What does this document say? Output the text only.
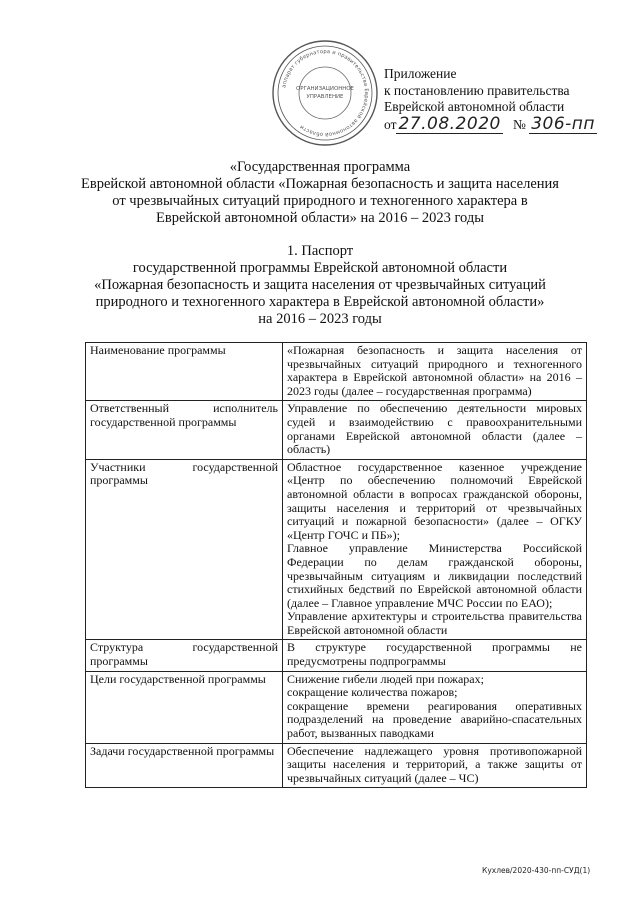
аппарат губернатора и правительства Еврейской автономной области
ОРГАНИЗАЦИОННОЕ
УПРАВЛЕНИЕ
Приложение
к постановлению правительства
Еврейской автономной области
от 27.08.2020 № 306-пп
«Государственная программа
Еврейской автономной области «Пожарная безопасность и защита населения
от чрезвычайных ситуаций природного и техногенного характера в
Еврейской автономной области» на 2016 – 2023 годы
1. Паспорт
государственной программы Еврейской автономной области
«Пожарная безопасность и защита населения от чрезвычайных ситуаций
природного и техногенного характера в Еврейской автономной области»
на 2016 – 2023 годы
Наименование программы	«Пожарная безопасность и защита населения от чрезвычайных ситуаций природного и техногенного характера в Еврейской автономной области» на 2016 – 2023 годы (далее – государственная программа)

Ответственный исполнитель государственной программы	Управление по обеспечению деятельности мировых судей и взаимодействию с правоохранительными органами Еврейской автономной области (далее – область)

Участники государственной программы	Областное государственное казенное учреждение «Центр по обеспечению полномочий Еврейской автономной области в вопросах гражданской обороны, защиты населения и территорий от чрезвычайных ситуаций и пожарной безопасности» (далее – ОГКУ «Центр ГОЧС и ПБ»);
Главное управление Министерства Российской Федерации по делам гражданской обороны, чрезвычайным ситуациям и ликвидации последствий стихийных бедствий по Еврейской автономной области (далее – Главное управление МЧС России по ЕАО);
Управление архитектуры и строительства правительства Еврейской автономной области

Структура государственной программы	В структуре государственной программы не предусмотрены подпрограммы

Цели государственной программы	Снижение гибели людей при пожарах;
сокращение количества пожаров;
сокращение времени реагирования оперативных подразделений на проведение аварийно-спасательных работ, вызванных паводками

Задачи государственной программы	Обеспечение надлежащего уровня противопожарной защиты населения и территорий, а также защиты от чрезвычайных ситуаций (далее – ЧС)
Кухлев/2020-430-пп-СУД(1)
